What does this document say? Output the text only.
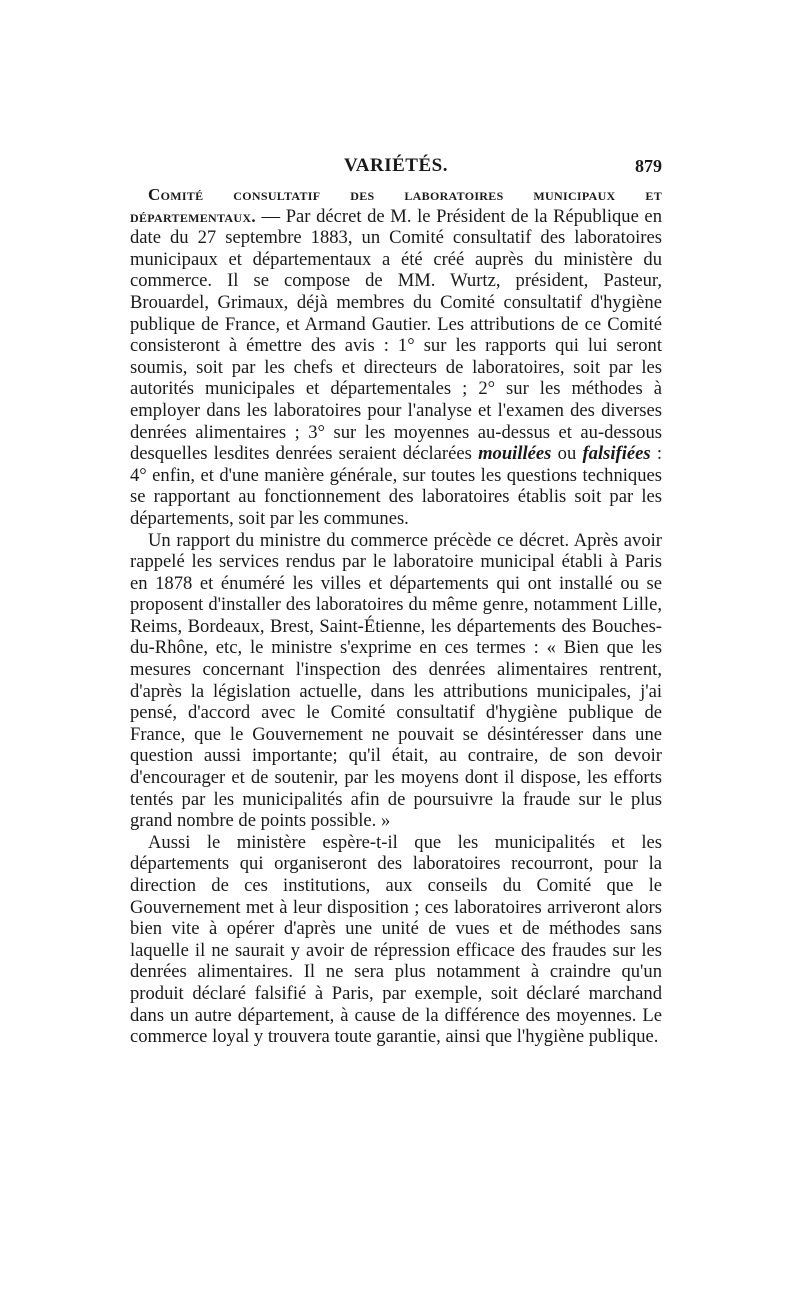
VARIÉTÉS.	879

Comité consultatif des laboratoires municipaux et départementaux. — Par décret de M. le Président de la République en date du 27 septembre 1883, un Comité consultatif des laboratoires municipaux et départementaux a été créé auprès du ministère du commerce. Il se compose de MM. Wurtz, président, Pasteur, Brouardel, Grimaux, déjà membres du Comité consultatif d'hygiène publique de France, et Armand Gautier. Les attributions de ce Comité consisteront à émettre des avis : 1° sur les rapports qui lui seront soumis, soit par les chefs et directeurs de laboratoires, soit par les autorités municipales et départementales ; 2° sur les méthodes à employer dans les laboratoires pour l'analyse et l'examen des diverses denrées alimentaires ; 3° sur les moyennes au-dessus et au-dessous desquelles lesdites denrées seraient déclarées mouillées ou falsifiées : 4° enfin, et d'une manière générale, sur toutes les questions techniques se rapportant au fonctionnement des laboratoires établis soit par les départements, soit par les communes.

Un rapport du ministre du commerce précède ce décret. Après avoir rappelé les services rendus par le laboratoire municipal établi à Paris en 1878 et énuméré les villes et départements qui ont installé ou se proposent d'installer des laboratoires du même genre, notamment Lille, Reims, Bordeaux, Brest, Saint-Étienne, les départements des Bouches-du-Rhône, etc, le ministre s'exprime en ces termes : « Bien que les mesures concernant l'inspection des denrées alimentaires rentrent, d'après la législation actuelle, dans les attributions municipales, j'ai pensé, d'accord avec le Comité consultatif d'hygiène publique de France, que le Gouvernement ne pouvait se désintéresser dans une question aussi importante; qu'il était, au contraire, de son devoir d'encourager et de soutenir, par les moyens dont il dispose, les efforts tentés par les municipalités afin de poursuivre la fraude sur le plus grand nombre de points possible. »

Aussi le ministère espère-t-il que les municipalités et les départements qui organiseront des laboratoires recourront, pour la direction de ces institutions, aux conseils du Comité que le Gouvernement met à leur disposition ; ces laboratoires arriveront alors bien vite à opérer d'après une unité de vues et de méthodes sans laquelle il ne saurait y avoir de répression efficace des fraudes sur les denrées alimentaires. Il ne sera plus notamment à craindre qu'un produit déclaré falsifié à Paris, par exemple, soit déclaré marchand dans un autre département, à cause de la différence des moyennes. Le commerce loyal y trouvera toute garantie, ainsi que l'hygiène publique.
